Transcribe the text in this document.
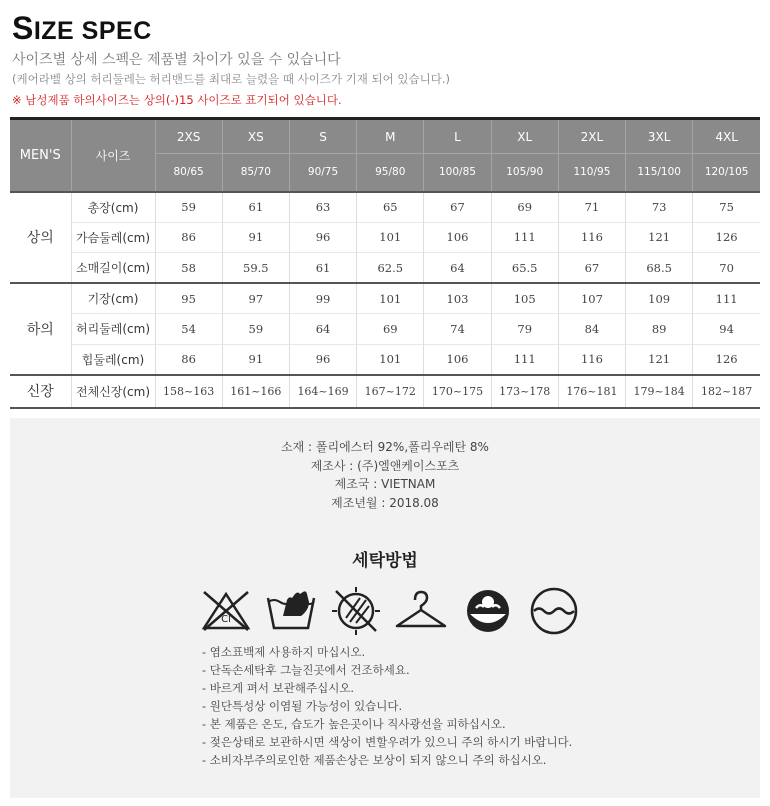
SIZE SPEC
사이즈별 상세 스펙은 제품별 차이가 있을 수 있습니다
(케어라벨 상의 허리둘레는 허리밴드를 최대로 늘렸을 때 사이즈가 기재 되어 있습니다.)
※ 남성제품 하의사이즈는 상의(-)15 사이즈로 표기되어 있습니다.
MEN'S	사이즈	2XS	XS	S	M	L	XL	2XL	3XL	4XL
		80/65	85/70	90/75	95/80	100/85	105/90	110/95	115/100	120/105
상의	총장(cm)	59	61	63	65	67	69	71	73	75
	가슴둘레(cm)	86	91	96	101	106	111	116	121	126
	소매길이(cm)	58	59.5	61	62.5	64	65.5	67	68.5	70
하의	기장(cm)	95	97	99	101	103	105	107	109	111
	허리둘레(cm)	54	59	64	69	74	79	84	89	94
	힙둘레(cm)	86	91	96	101	106	111	116	121	126
신장	전체신장(cm)	158~163	161~166	164~169	167~172	170~175	173~178	176~181	179~184	182~187
소재 : 폴리에스터 92%,폴리우레탄 8%
제조사 : (주)엘앤케이스포츠
제조국 : VIETNAM
제조년월 : 2018.08
세탁방법
Cl
- 염소표백제 사용하지 마십시오.
- 단독손세탁후 그늘진곳에서 건조하세요.
- 바르게 펴서 보관해주십시오.
- 원단특성상 이염될 가능성이 있습니다.
- 본 제품은 온도, 습도가 높은곳이나 직사광선을 피하십시오.
- 젖은상태로 보관하시면 색상이 변할우려가 있으니 주의 하시기 바랍니다.
- 소비자부주의로인한 제품손상은 보상이 되지 않으니 주의 하십시오.
